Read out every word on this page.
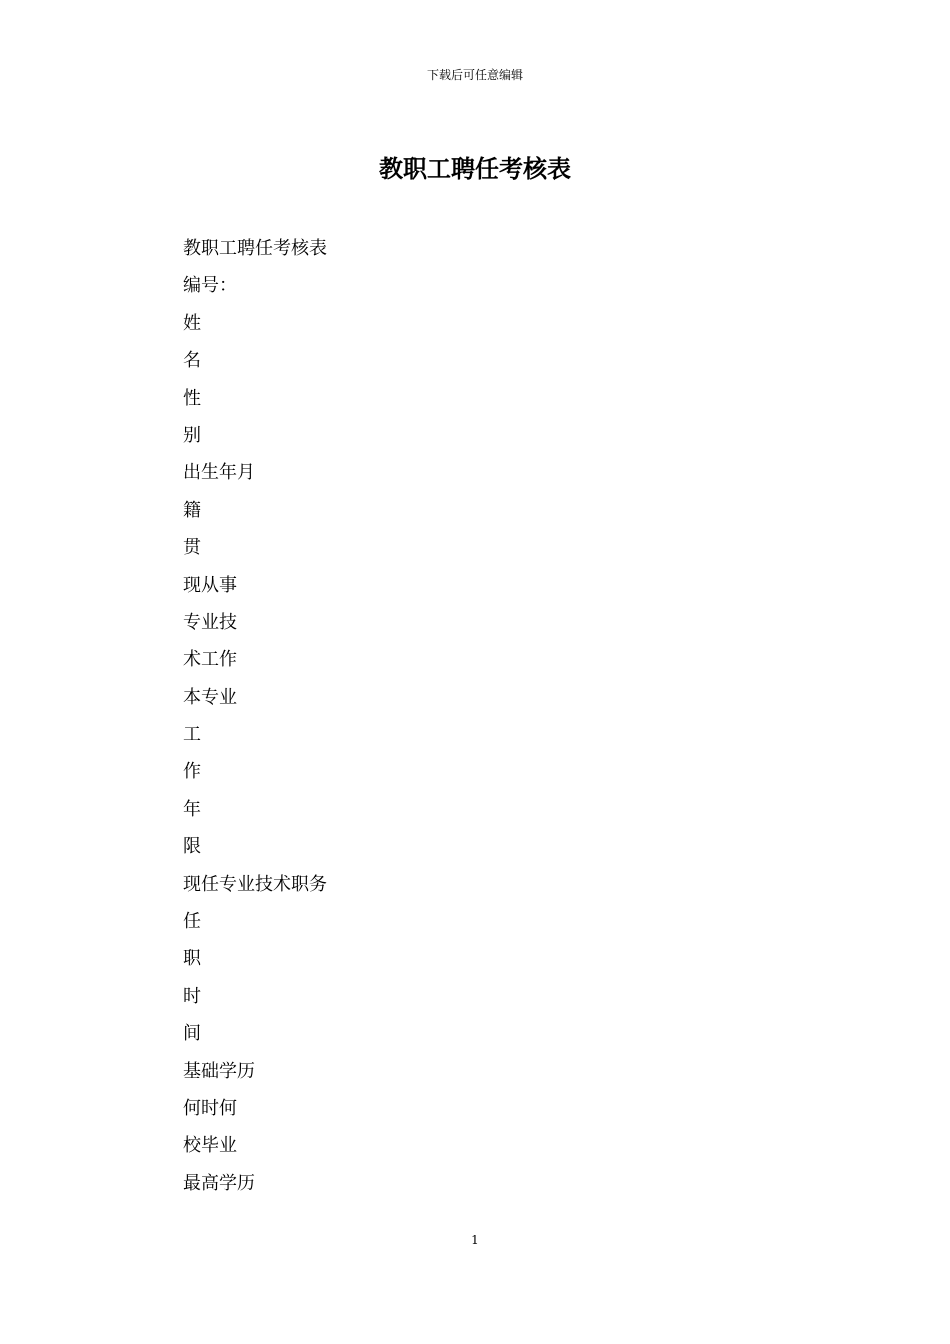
下载后可任意编辑
教职工聘任考核表
教职工聘任考核表
编号：
姓
名
性
别
出生年月
籍
贯
现从事
专业技
术工作
本专业
工
作
年
限
现任专业技术职务
任
职
时
间
基础学历
何时何
校毕业
最高学历
1
